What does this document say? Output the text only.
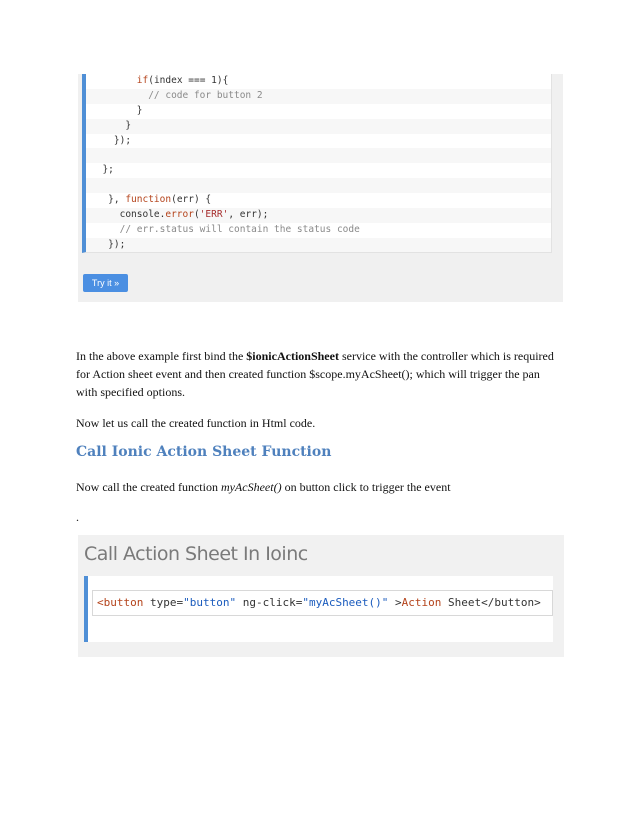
if(index === 1){
// code for button 2
}
}
});
};
}, function(err) {
console.error('ERR', err);
// err.status will contain the status code
});
Try it »

In the above example first bind the $ionicActionSheet service with the controller which is required for Action sheet event and then created function $scope.myAcSheet(); which will trigger the pan with specified options.

Now let us call the created function in Html code.

Call Ionic Action Sheet Function

Now call the created function myAcSheet() on button click to trigger the event

.
Call Action Sheet In Ioinc
<button type="button" ng-click="myAcSheet()" >Action Sheet</button>
